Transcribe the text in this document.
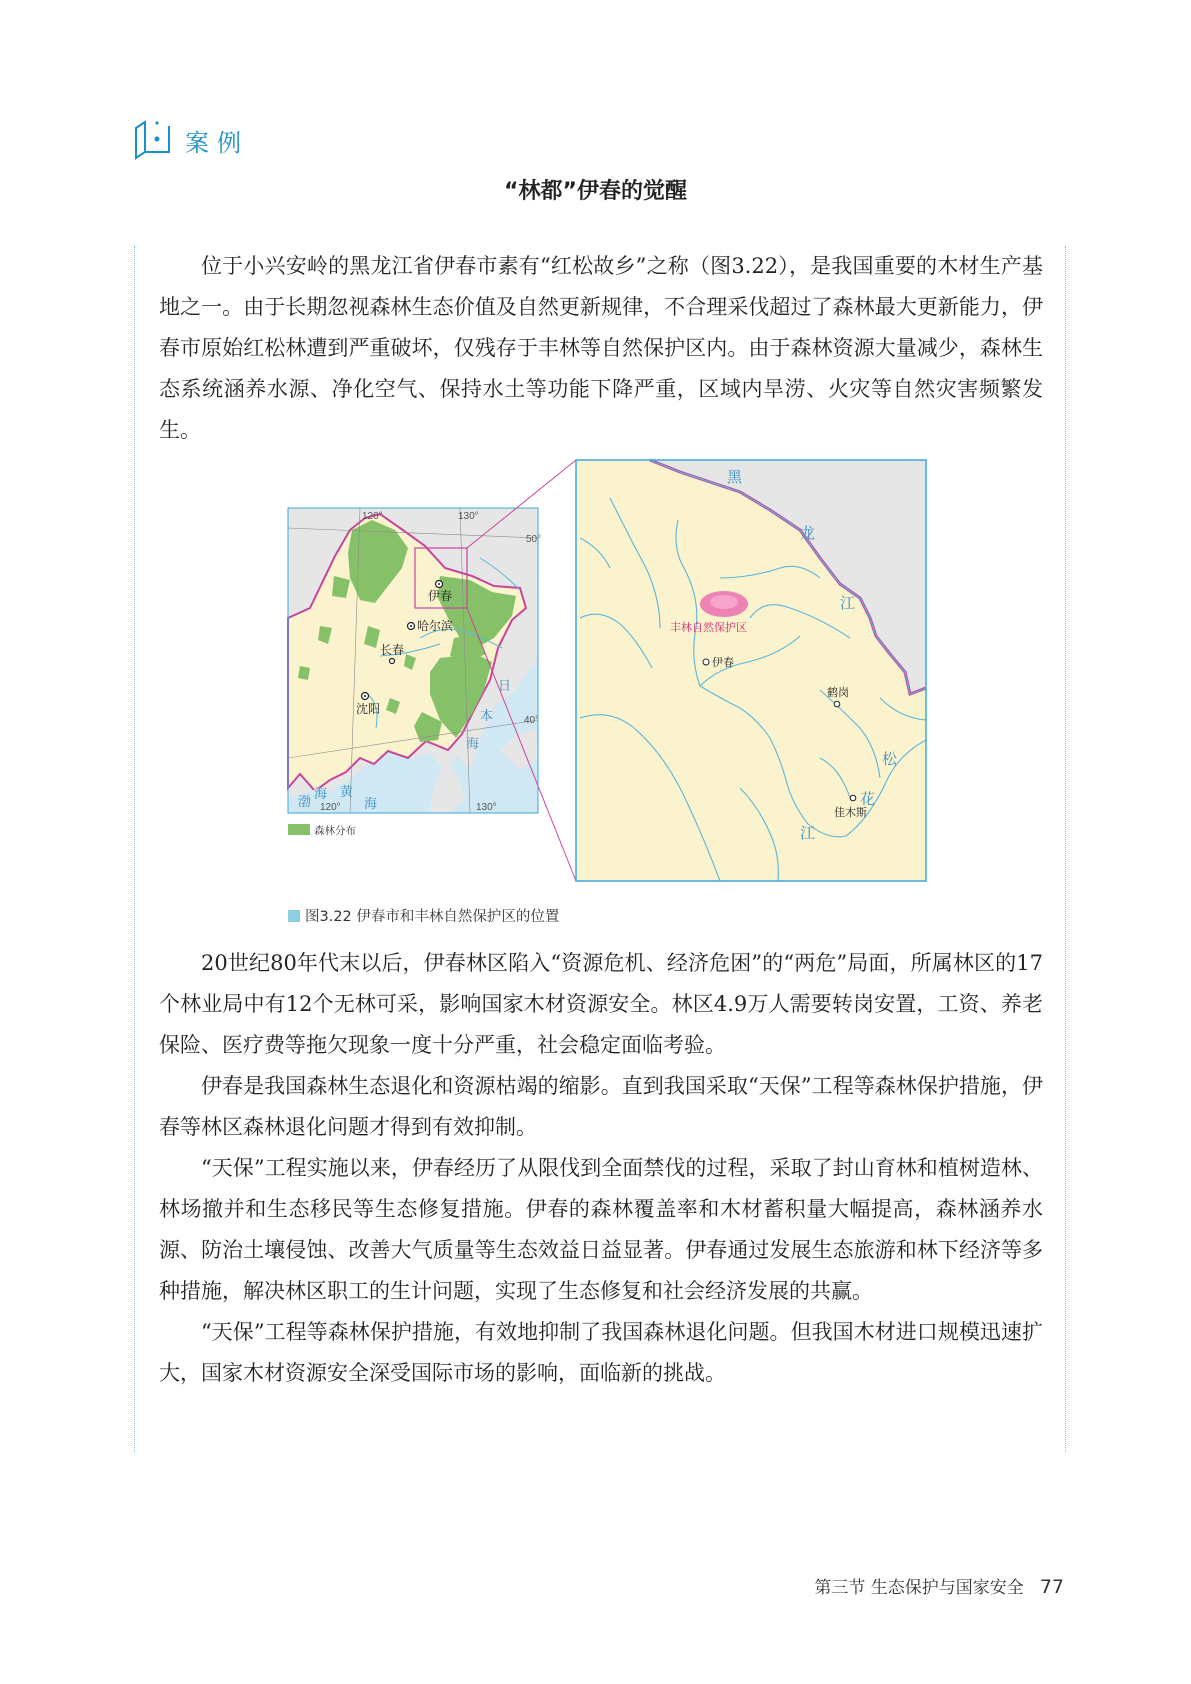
案例
“林都”伊春的觉醒

位于小兴安岭的黑龙江省伊春市素有“红松故乡”之称（图3.22），是我国重要的木材生产基地之一。由于长期忽视森林生态价值及自然更新规律，不合理采伐超过了森林最大更新能力，伊春市原始红松林遭到严重破坏，仅残存于丰林等自然保护区内。由于森林资源大量减少，森林生态系统涵养水源、净化空气、保持水土等功能下降严重，区域内旱涝、火灾等自然灾害频繁发生。

120°	130°
50°
40°
130°
120°
伊春
哈尔滨
长春
沈阳
日
本
海
渤
海 黄
海
森林分布
黑
龙
江
松
花
江
丰林自然保护区
伊春
鹤岗
佳木斯
图3.22 伊春市和丰林自然保护区的位置

20世纪80年代末以后，伊春林区陷入“资源危机、经济危困”的“两危”局面，所属林区的17个林业局中有12个无林可采，影响国家木材资源安全。林区4.9万人需要转岗安置，工资、养老保险、医疗费等拖欠现象一度十分严重，社会稳定面临考验。

伊春是我国森林生态退化和资源枯竭的缩影。直到我国采取“天保”工程等森林保护措施，伊春等林区森林退化问题才得到有效抑制。

“天保”工程实施以来，伊春经历了从限伐到全面禁伐的过程，采取了封山育林和植树造林、林场撤并和生态移民等生态修复措施。伊春的森林覆盖率和木材蓄积量大幅提高，森林涵养水源、防治土壤侵蚀、改善大气质量等生态效益日益显著。伊春通过发展生态旅游和林下经济等多种措施，解决林区职工的生计问题，实现了生态修复和社会经济发展的共赢。

“天保”工程等森林保护措施，有效地抑制了我国森林退化问题。但我国木材进口规模迅速扩大，国家木材资源安全深受国际市场的影响，面临新的挑战。

第三节 生态保护与国家安全 77
